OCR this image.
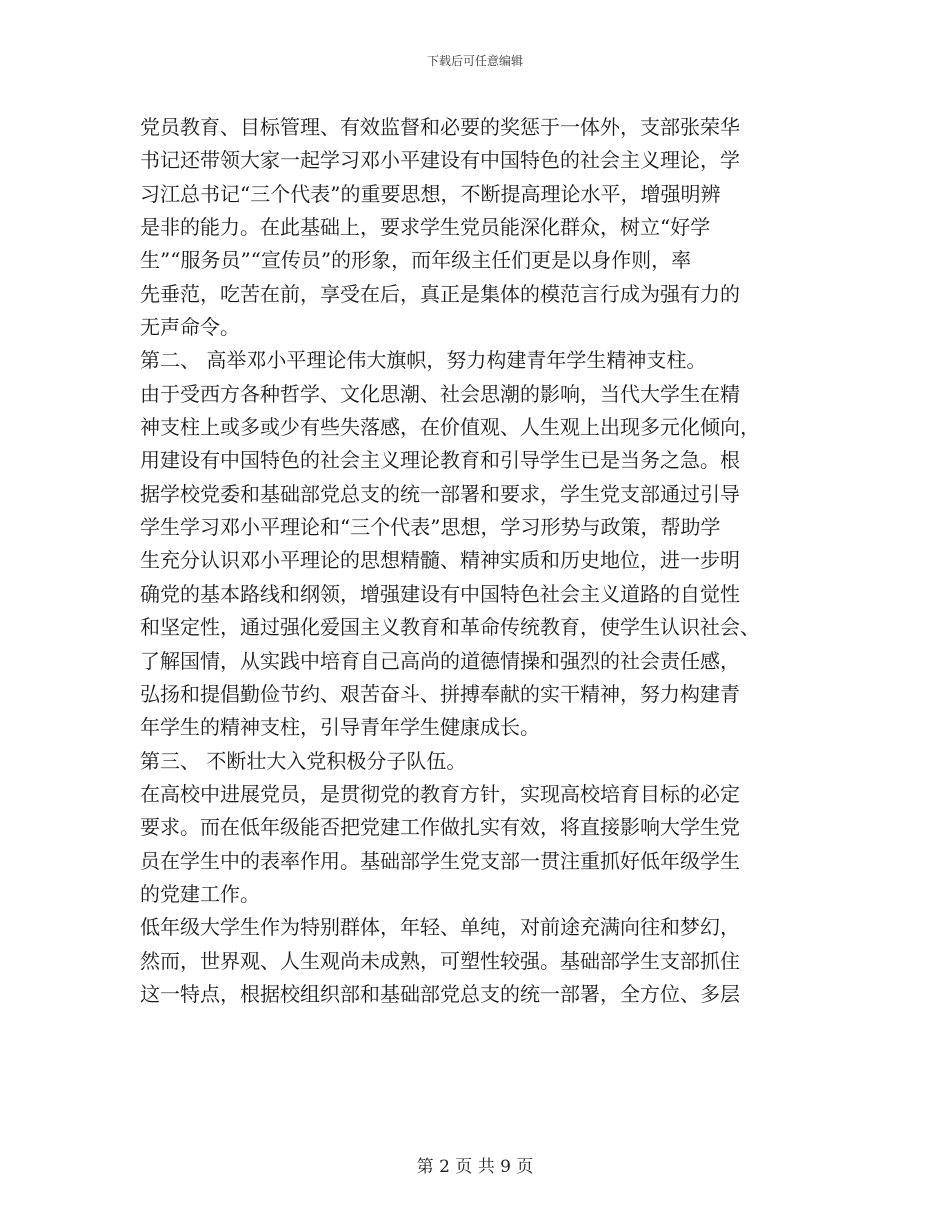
下载后可任意编辑
党员教育、目标管理、有效监督和必要的奖惩于一体外，支部张荣华
书记还带领大家一起学习邓小平建设有中国特色的社会主义理论，学
习江总书记“三个代表”的重要思想，不断提高理论水平，增强明辨
是非的能力。在此基础上，要求学生党员能深化群众，树立“好学
生”“服务员”“宣传员”的形象，而年级主任们更是以身作则，率
先垂范，吃苦在前，享受在后，真正是集体的模范言行成为强有力的
无声命令。
第二、 高举邓小平理论伟大旗帜，努力构建青年学生精神支柱。
由于受西方各种哲学、文化思潮、社会思潮的影响，当代大学生在精
神支柱上或多或少有些失落感，在价值观、人生观上出现多元化倾向，
用建设有中国特色的社会主义理论教育和引导学生已是当务之急。根
据学校党委和基础部党总支的统一部署和要求，学生党支部通过引导
学生学习邓小平理论和“三个代表”思想，学习形势与政策，帮助学
生充分认识邓小平理论的思想精髓、精神实质和历史地位，进一步明
确党的基本路线和纲领，增强建设有中国特色社会主义道路的自觉性
和坚定性，通过强化爱国主义教育和革命传统教育，使学生认识社会、
了解国情，从实践中培育自己高尚的道德情操和强烈的社会责任感，
弘扬和提倡勤俭节约、艰苦奋斗、拼搏奉献的实干精神，努力构建青
年学生的精神支柱，引导青年学生健康成长。
第三、 不断壮大入党积极分子队伍。
在高校中进展党员，是贯彻党的教育方针，实现高校培育目标的必定
要求。而在低年级能否把党建工作做扎实有效，将直接影响大学生党
员在学生中的表率作用。基础部学生党支部一贯注重抓好低年级学生
的党建工作。
低年级大学生作为特别群体，年轻、单纯，对前途充满向往和梦幻，
然而，世界观、人生观尚未成熟，可塑性较强。基础部学生支部抓住
这一特点，根据校组织部和基础部党总支的统一部署，全方位、多层
第 2 页 共 9 页
